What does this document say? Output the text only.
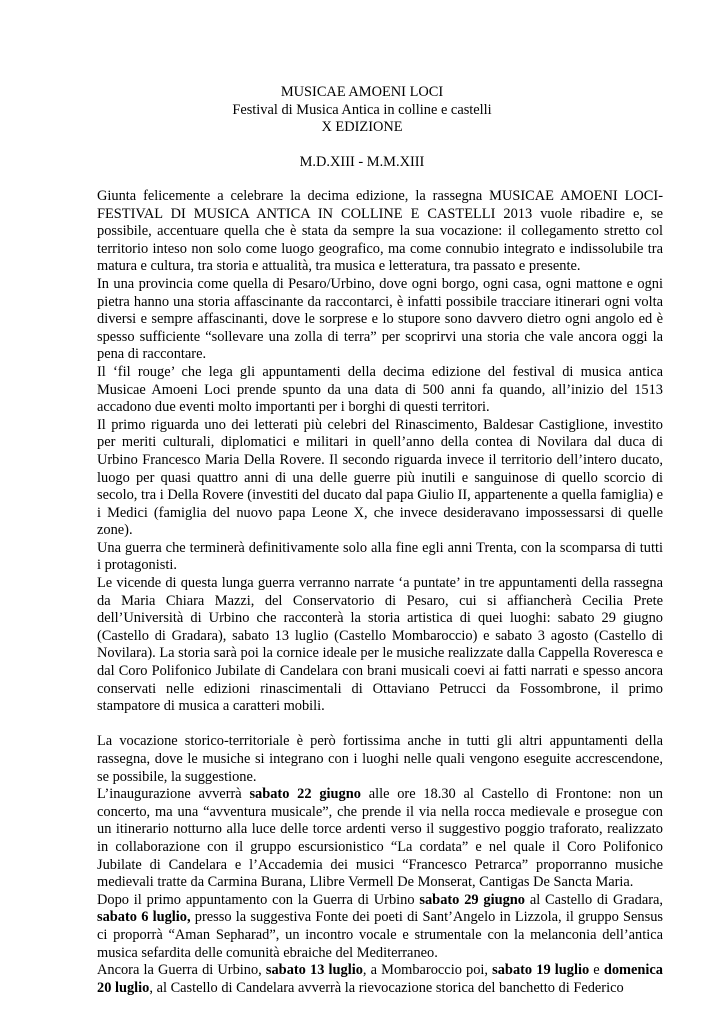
MUSICAE AMOENI LOCI
Festival di Musica Antica in colline e castelli
X EDIZIONE
M.D.XIII - M.M.XIII

Giunta felicemente a celebrare la decima edizione, la rassegna MUSICAE AMOENI LOCI-FESTIVAL DI MUSICA ANTICA IN COLLINE E CASTELLI 2013 vuole ribadire e, se possibile, accentuare quella che è stata da sempre la sua vocazione: il collegamento stretto col territorio inteso non solo come luogo geografico, ma come connubio integrato e indissolubile tra matura e cultura, tra storia e attualità, tra musica e letteratura, tra passato e presente.

In una provincia come quella di Pesaro/Urbino, dove ogni borgo, ogni casa, ogni mattone e ogni pietra hanno una storia affascinante da raccontarci, è infatti possibile tracciare itinerari ogni volta diversi e sempre affascinanti, dove le sorprese e lo stupore sono davvero dietro ogni angolo ed è spesso sufficiente “sollevare una zolla di terra” per scoprirvi una storia che vale ancora oggi la pena di raccontare.

Il ‘fil rouge’ che lega gli appuntamenti della decima edizione del festival di musica antica Musicae Amoeni Loci prende spunto da una data di 500 anni fa quando, all’inizio del 1513 accadono due eventi molto importanti per i borghi di questi territori.

Il primo riguarda uno dei letterati più celebri del Rinascimento, Baldesar Castiglione, investito per meriti culturali, diplomatici e militari in quell’anno della contea di Novilara dal duca di Urbino Francesco Maria Della Rovere. Il secondo riguarda invece il territorio dell’intero ducato, luogo per quasi quattro anni di una delle guerre più inutili e sanguinose di quello scorcio di secolo, tra i Della Rovere (investiti del ducato dal papa Giulio II, appartenente a quella famiglia) e i Medici (famiglia del nuovo papa Leone X, che invece desideravano impossessarsi di quelle zone).

Una guerra che terminerà definitivamente solo alla fine egli anni Trenta, con la scomparsa di tutti i protagonisti.

Le vicende di questa lunga guerra verranno narrate ‘a puntate’ in tre appuntamenti della rassegna da Maria Chiara Mazzi, del Conservatorio di Pesaro, cui si affiancherà Cecilia Prete dell’Università di Urbino che racconterà la storia artistica di quei luoghi: sabato 29 giugno (Castello di Gradara), sabato 13 luglio (Castello Mombaroccio) e sabato 3 agosto (Castello di Novilara). La storia sarà poi la cornice ideale per le musiche realizzate dalla Cappella Roveresca e dal Coro Polifonico Jubilate di Candelara con brani musicali coevi ai fatti narrati e spesso ancora conservati nelle edizioni rinascimentali di Ottaviano Petrucci da Fossombrone, il primo stampatore di musica a caratteri mobili.

La vocazione storico-territoriale è però fortissima anche in tutti gli altri appuntamenti della rassegna, dove le musiche si integrano con i luoghi nelle quali vengono eseguite accrescendone, se possibile, la suggestione.

L’inaugurazione avverrà sabato 22 giugno alle ore 18.30 al Castello di Frontone: non un concerto, ma una “avventura musicale”, che prende il via nella rocca medievale e prosegue con un itinerario notturno alla luce delle torce ardenti verso il suggestivo poggio traforato, realizzato in collaborazione con il gruppo escursionistico “La cordata” e nel quale il Coro Polifonico Jubilate di Candelara e l’Accademia dei musici “Francesco Petrarca” proporranno musiche medievali tratte da Carmina Burana, Llibre Vermell De Monserat, Cantigas De Sancta Maria.

Dopo il primo appuntamento con la Guerra di Urbino sabato 29 giugno al Castello di Gradara, sabato 6 luglio, presso la suggestiva Fonte dei poeti di Sant’Angelo in Lizzola, il gruppo Sensus ci proporrà “Aman Sepharad”, un incontro vocale e strumentale con la melanconia dell’antica musica sefardita delle comunità ebraiche del Mediterraneo.

Ancora la Guerra di Urbino, sabato 13 luglio, a Mombaroccio poi, sabato 19 luglio e domenica 20 luglio, al Castello di Candelara avverrà la rievocazione storica del banchetto di Federico
